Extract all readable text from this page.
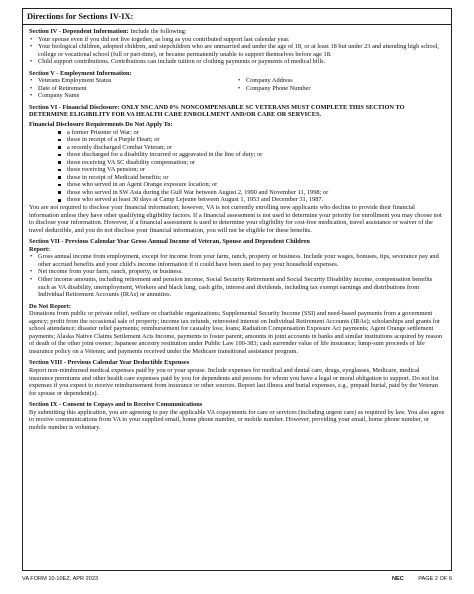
Directions for Sections IV-IX:

Section IV - Dependent Information: Include the following:

• Your spouse even if you did not live together, as long as you contributed support last calendar year.
• Your biological children, adopted children, and stepchildren who are unmarried and under the age of 18, or at least 18 but under 23 and attending high school, college or vocational school (full or part-time), or became permanently unable to support themselves before age 18.
• Child support contributions. Contributions can include tuition or clothing payments or payments of medical bills.

Section V - Employment Information:

• Veterans Employment Status
• Date of Retirement
• Company Name
• Company Address
• Company Phone Number

Section VI - Financial Disclosure: ONLY NSC AND 0% NONCOMPENSABLE SC VETERANS MUST COMPLETE THIS SECTION TO DETERMINE ELIGIBILITY FOR VA HEALTH CARE ENROLLMENT AND/OR CARE OR SERVICES.

Financial Disclosure Requirements Do Not Apply To:

a former Prisoner of War; or
those in receipt of a Purple Heart; or
a recently discharged Combat Veteran; or
those discharged for a disability incurred or aggravated in the line of duty; or
those receiving VA SC disability compensation; or
those receiving VA pension; or
those in receipt of Medicaid benefits; or
those who served in an Agent Orange exposure location; or
those who served in SW Asia during the Gulf War between August 2, 1990 and November 11, 1998; or
those who served at least 30 days at Camp Lejeune between August 1, 1953 and December 31, 1987.

You are not required to disclose your financial information; however, VA is not currently enrolling new applicants who decline to provide their financial information unless they have other qualifying eligibility factors. If a financial assessment is not used to determine your priority for enrollment you may choose not to disclose your information. However, if a financial assessment is used to determine your eligibility for cost-free medication, travel assistance or waiver of the travel deductible, and you do not disclose your financial information, you will not be eligible for these benefits.

Section VII - Previous Calendar Year Gross Annual Income of Veteran, Spouse and Dependent Children

Report:

• Gross annual income from employment, except for income from your farm, ranch, property or business. Include your wages, bonuses, tips, severance pay and other accrued benefits and your child's income information if it could have been used to pay your household expenses.
• Net income from your farm, ranch, property, or business.
• Other income amounts, including retirement and pension income, Social Security Retirement and Social Security Disability income, compensation benefits such as VA disability, unemployment, Workers and black lung, cash gifts, interest and dividends, including tax exempt earnings and distributions from Individual Retirement Accounts (IRAs) or annuities.

Do Not Report:

Donations from public or private relief, welfare or charitable organizations; Supplemental Security Income (SSI) and need-based payments from a government agency; profit from the occasional sale of property; income tax refunds, reinvested interest on Individual Retirement Accounts (IRAs); scholarships and grants for school attendance; disaster relief payments; reimbursement for casualty loss; loans; Radiation Compensation Exposure Act payments; Agent Orange settlement payments; Alaska Native Claims Settlement Acts Income, payments to foster parent; amounts in joint accounts in banks and similar institutions acquired by reason of death of the other joint owner; Japanese ancestry restitution under Public Law 100-383; cash surrender value of life insurance; lump-sum proceeds of life insurance policy on a Veteran; and payments received under the Medicare transitional assistance program.

Section VIII - Previous Calendar Year Deductible Expenses

Report non-reimbursed medical expenses paid by you or your spouse. Include expenses for medical and dental care, drugs, eyeglasses, Medicare, medical insurance premiums and other health care expenses paid by you for dependents and persons for whom you have a legal or moral obligation to support. Do not list expenses if you expect to receive reimbursement from insurance or other sources. Report last illness and burial expenses, e.g., prepaid burial, paid by the Veteran for spouse or dependent(s).

Section IX - Consent to Copays and to Receive Communications

By submitting this application, you are agreeing to pay the applicable VA copayments for care or services (including urgent care) as required by law. You also agree to receive communications from VA to your supplied email, home phone number, or mobile number. However, providing your email, home phone number, or mobile number is voluntary.

VA FORM 10-10EZ, APR 2023	NEC	PAGE 2 OF 6
